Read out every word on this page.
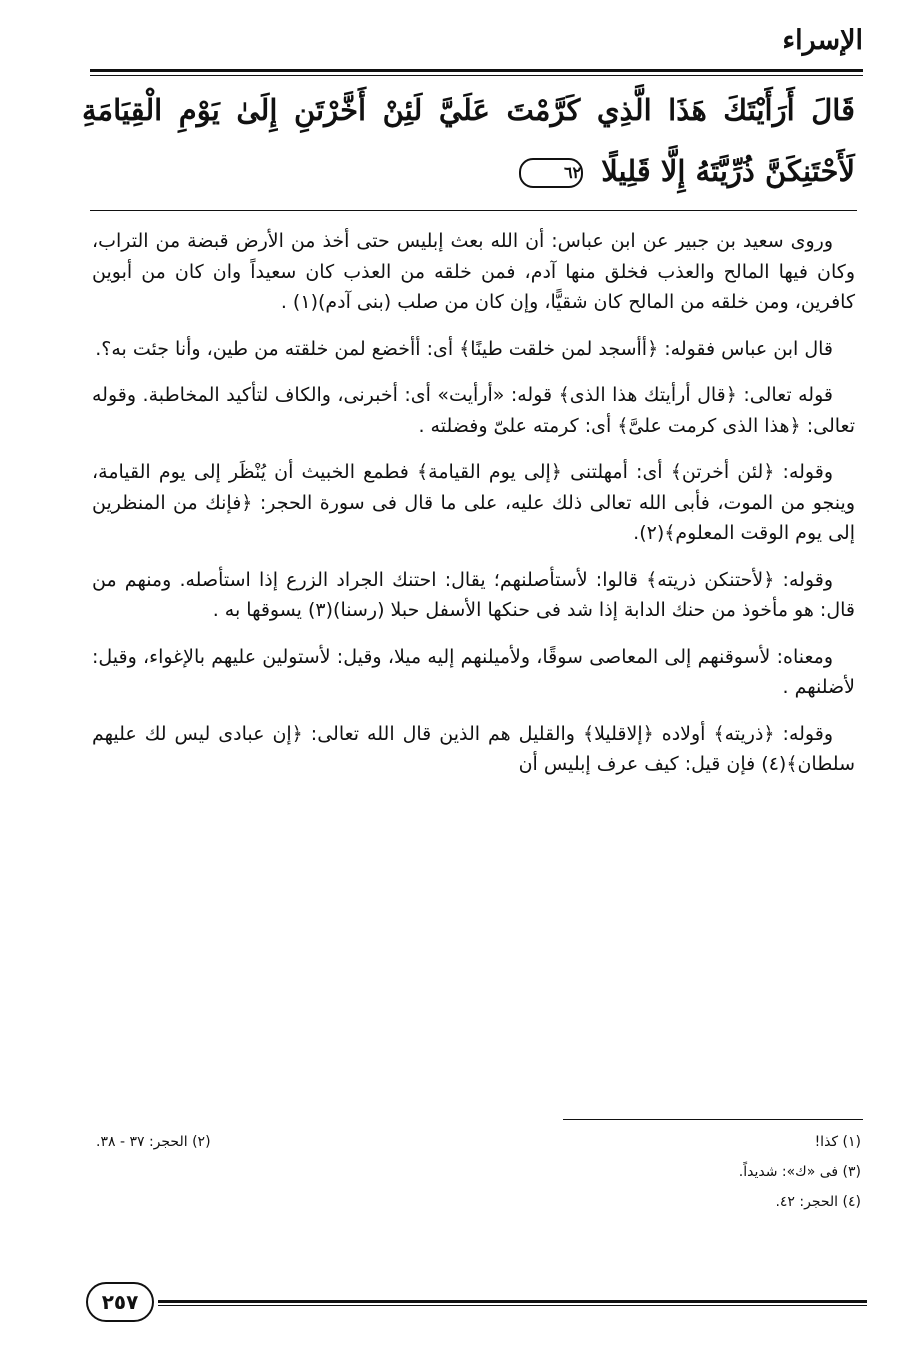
الإسراء
قَالَ أَرَأَيْتَكَ هَذَا الَّذِي كَرَّمْتَ عَلَيَّ لَئِنْ أَخَّرْتَنِ إِلَىٰ يَوْمِ الْقِيَامَةِ لَأَحْتَنِكَنَّ ذُرِّيَّتَهُ إِلَّا قَلِيلًا ٦٢

وروى سعيد بن جبير عن ابن عباس: أن الله بعث إبليس حتى أخذ من الأرض قبضة من التراب، وكان فيها المالح والعذب فخلق منها آدم، فمن خلقه من العذب كان سعيداً وان كان من أبوين كافرين، ومن خلقه من المالح كان شقيًّا، وإن كان من صلب (بنى آدم)(١) .

قال ابن عباس فقوله: ﴿أأسجد لمن خلقت طينًا﴾ أى: أأخضع لمن خلقته من طين، وأنا جئت به؟.

قوله تعالى: ﴿قال أرأيتك هذا الذى﴾ قوله: «أرأيت» أى: أخبرنى، والكاف لتأكيد المخاطبة. وقوله تعالى: ﴿هذا الذى كرمت علىَّ﴾ أى: كرمته علىّ وفضلته .

وقوله: ﴿لئن أخرتن﴾ أى: أمهلتنى ﴿إلى يوم القيامة﴾ فطمع الخبيث أن يُنْظَر إلى يوم القيامة، وينجو من الموت، فأبى الله تعالى ذلك عليه، على ما قال فى سورة الحجر: ﴿فإنك من المنظرين إلى يوم الوقت المعلوم﴾(٢).

وقوله: ﴿لأحتنكن ذريته﴾ قالوا: لأستأصلنهم؛ يقال: احتنك الجراد الزرع إذا استأصله. ومنهم من قال: هو مأخوذ من حنك الدابة إذا شد فى حنكها الأسفل حبلا (رسنا)(٣) يسوقها به .

ومعناه: لأسوقنهم إلى المعاصى سوقًا، ولأميلنهم إليه ميلا، وقيل: لأستولين عليهم بالإغواء، وقيل: لأضلنهم .

وقوله: ﴿ذريته﴾ أولاده ﴿إلاقليلا﴾ والقليل هم الذين قال الله تعالى: ﴿إن عبادى ليس لك عليهم سلطان﴾(٤) فإن قيل: كيف عرف إبليس أن

(١) كذا!
(٢) الحجر: ٣٧ - ٣٨.
(٣) فى «ك»: شديداً.
(٤) الحجر: ٤٢.
٢٥٧
